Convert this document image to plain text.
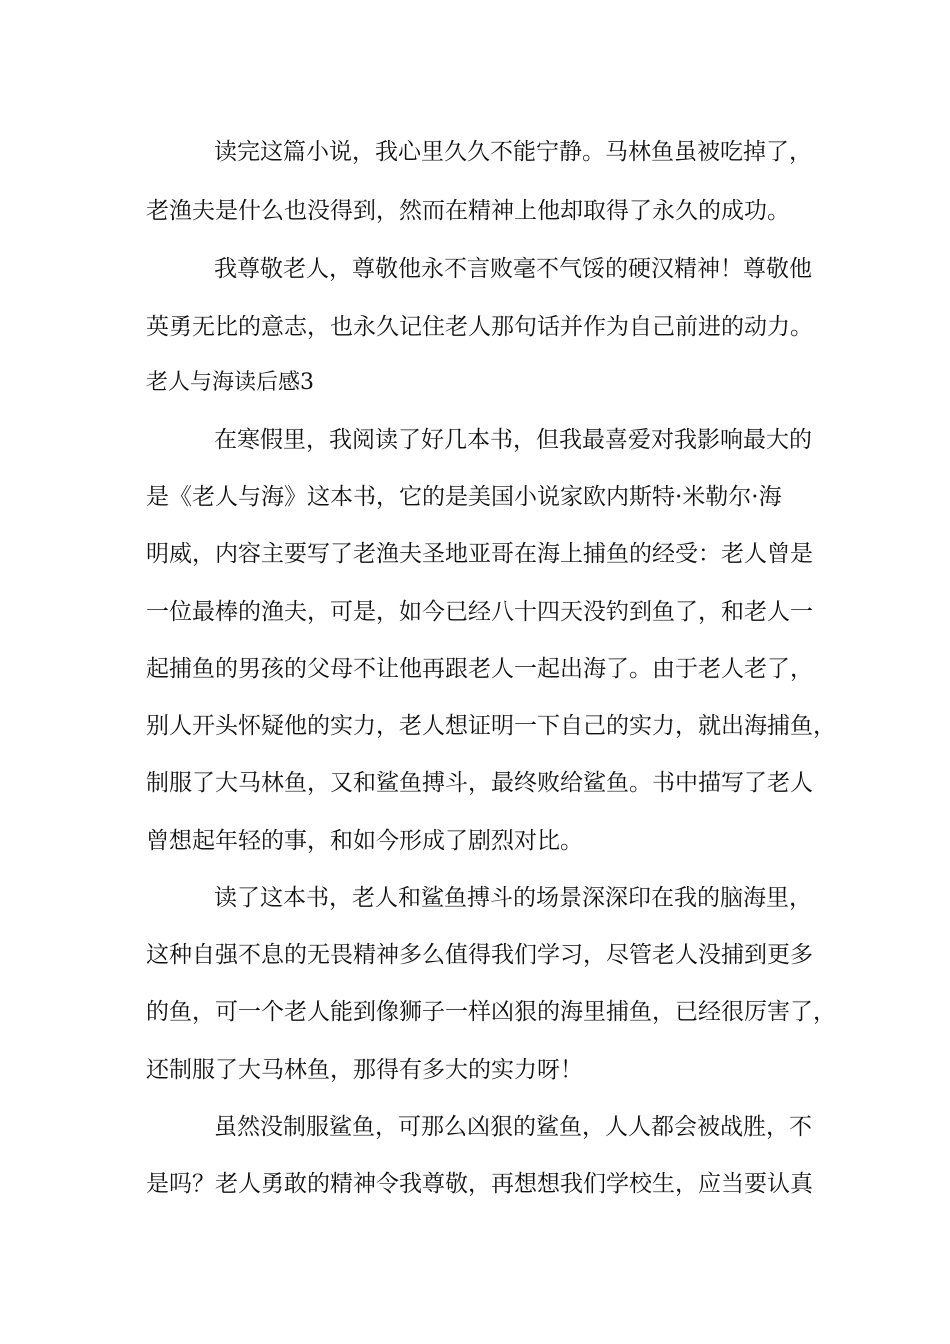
读完这篇小说，我心里久久不能宁静。马林鱼虽被吃掉了，
老渔夫是什么也没得到，然而在精神上他却取得了永久的成功。
我尊敬老人，尊敬他永不言败毫不气馁的硬汉精神！尊敬他
英勇无比的意志，也永久记住老人那句话并作为自己前进的动力。
老人与海读后感3
在寒假里，我阅读了好几本书，但我最喜爱对我影响最大的
是《老人与海》这本书，它的是美国小说家欧内斯特·米勒尔·海
明威，内容主要写了老渔夫圣地亚哥在海上捕鱼的经受：老人曾是
一位最棒的渔夫，可是，如今已经八十四天没钓到鱼了，和老人一
起捕鱼的男孩的父母不让他再跟老人一起出海了。由于老人老了，
别人开头怀疑他的实力，老人想证明一下自己的实力，就出海捕鱼，
制服了大马林鱼，又和鲨鱼搏斗，最终败给鲨鱼。书中描写了老人
曾想起年轻的事，和如今形成了剧烈对比。
读了这本书，老人和鲨鱼搏斗的场景深深印在我的脑海里，
这种自强不息的无畏精神多么值得我们学习，尽管老人没捕到更多
的鱼，可一个老人能到像狮子一样凶狠的海里捕鱼，已经很厉害了，
还制服了大马林鱼，那得有多大的实力呀！
虽然没制服鲨鱼，可那么凶狠的鲨鱼，人人都会被战胜，不
是吗？老人勇敢的精神令我尊敬，再想想我们学校生，应当要认真
